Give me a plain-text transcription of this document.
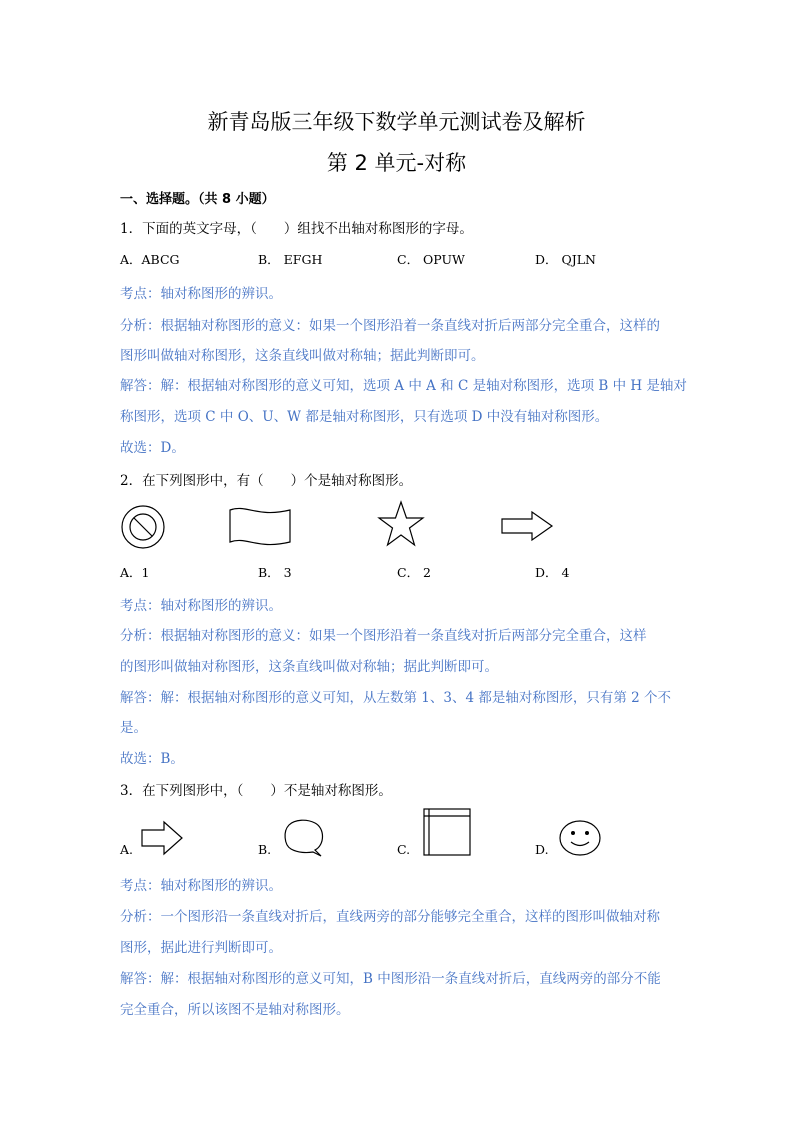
新青岛版三年级下数学单元测试卷及解析
第 2 单元-对称
一、选择题。（共 8 小题）
1．下面的英文字母，（　　）组找不出轴对称图形的字母。
A．ABCG	B． EFGH	C． OPUW	D． QJLN
考点：轴对称图形的辨识。
分析：根据轴对称图形的意义：如果一个图形沿着一条直线对折后两部分完全重合，这样的
图形叫做轴对称图形，这条直线叫做对称轴；据此判断即可。
解答：解：根据轴对称图形的意义可知，选项 A 中 A 和 C 是轴对称图形，选项 B 中 H 是轴对
称图形，选项 C 中 O、U、W 都是轴对称图形，只有选项 D 中没有轴对称图形。
故选：D。
2．在下列图形中，有（　　）个是轴对称图形。
A．1	B． 3	C． 2	D． 4
考点：轴对称图形的辨识。
分析：根据轴对称图形的意义：如果一个图形沿着一条直线对折后两部分完全重合，这样
的图形叫做轴对称图形，这条直线叫做对称轴；据此判断即可。
解答：解：根据轴对称图形的意义可知，从左数第 1、3、4 都是轴对称图形，只有第 2 个不
是。
故选：B。
3．在下列图形中，（　　）不是轴对称图形。
A.	B.	C.	D.
考点：轴对称图形的辨识。
分析：一个图形沿一条直线对折后，直线两旁的部分能够完全重合，这样的图形叫做轴对称
图形，据此进行判断即可。
解答：解：根据轴对称图形的意义可知，B 中图形沿一条直线对折后，直线两旁的部分不能
完全重合，所以该图不是轴对称图形。
